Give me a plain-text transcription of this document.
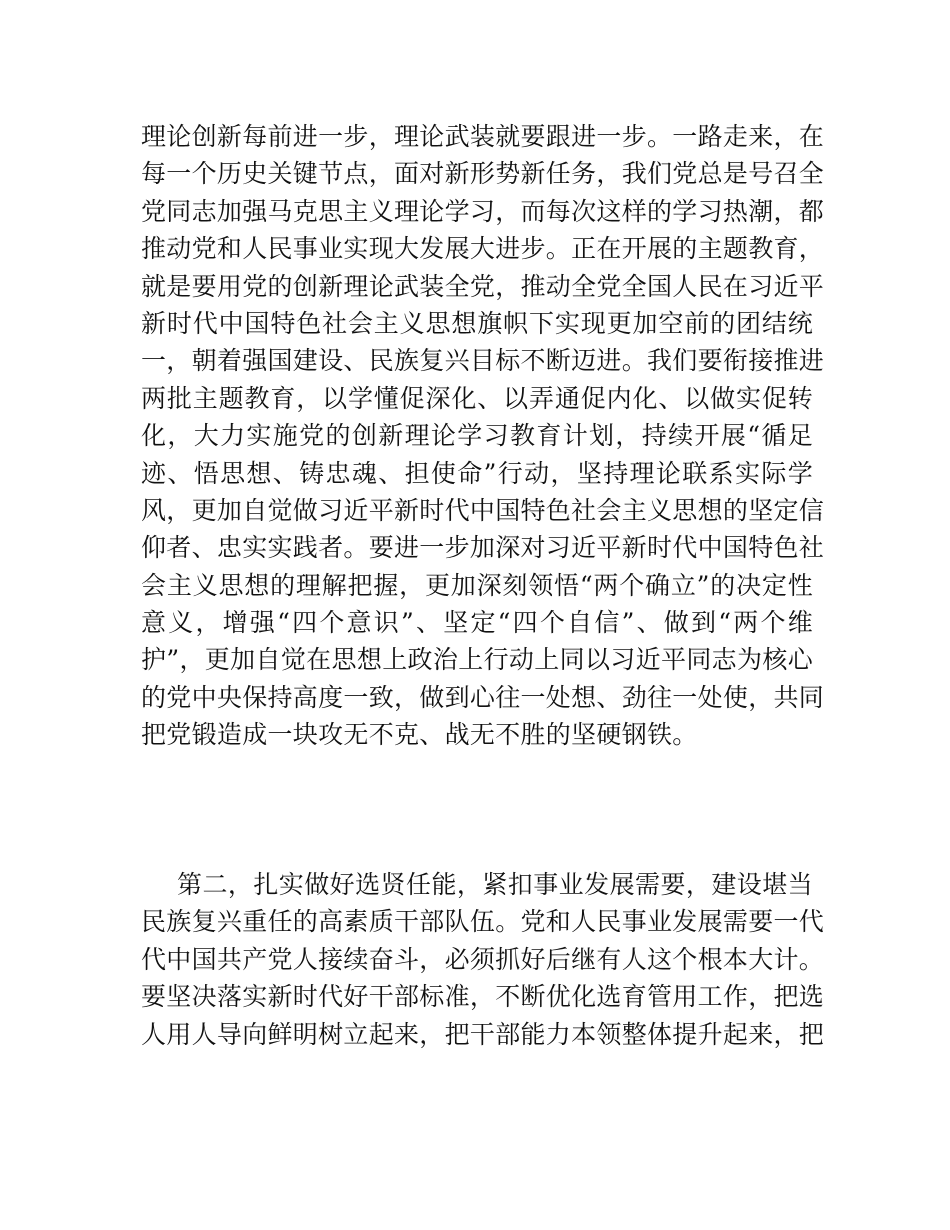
理论创新每前进一步，理论武装就要跟进一步。一路走来，在
每一个历史关键节点，面对新形势新任务，我们党总是号召全
党同志加强马克思主义理论学习，而每次这样的学习热潮，都
推动党和人民事业实现大发展大进步。正在开展的主题教育，
就是要用党的创新理论武装全党，推动全党全国人民在习近平
新时代中国特色社会主义思想旗帜下实现更加空前的团结统
一，朝着强国建设、民族复兴目标不断迈进。我们要衔接推进
两批主题教育，以学懂促深化、以弄通促内化、以做实促转
化，大力实施党的创新理论学习教育计划，持续开展“循足
迹、悟思想、铸忠魂、担使命”行动，坚持理论联系实际学
风，更加自觉做习近平新时代中国特色社会主义思想的坚定信
仰者、忠实实践者。要进一步加深对习近平新时代中国特色社
会主义思想的理解把握，更加深刻领悟“两个确立”的决定性
意义，增强“四个意识”、坚定“四个自信”、做到“两个维
护”，更加自觉在思想上政治上行动上同以习近平同志为核心
的党中央保持高度一致，做到心往一处想、劲往一处使，共同
把党锻造成一块攻无不克、战无不胜的坚硬钢铁。
第二，扎实做好选贤任能，紧扣事业发展需要，建设堪当
民族复兴重任的高素质干部队伍。党和人民事业发展需要一代
代中国共产党人接续奋斗，必须抓好后继有人这个根本大计。
要坚决落实新时代好干部标准，不断优化选育管用工作，把选
人用人导向鲜明树立起来，把干部能力本领整体提升起来，把
